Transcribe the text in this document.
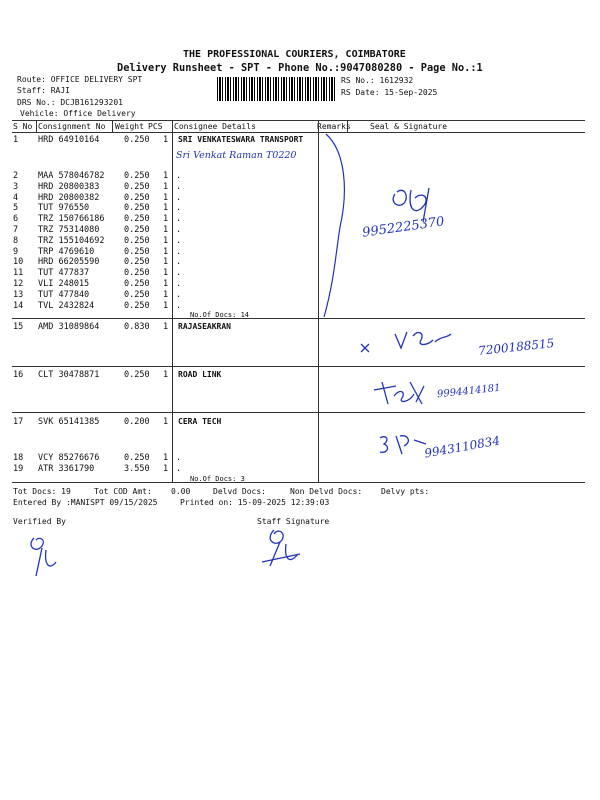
THE PROFESSIONAL COURIERS, COIMBATORE
Delivery Runsheet - SPT - Phone No.:9047080280 - Page No.:1
Route: OFFICE DELIVERY SPT
Staff: RAJI
DRS No.: DCJB161293201
Vehicle: Office Delivery
RS No.: 1612932
RS Date: 15-Sep-2025
S No Consignment No Weight PCS Consignee Details	Remarks Seal & Signature
1 HRD 64910164	0.250 1 SRI VENKATESWARA TRANSPORT
Sri Venkat Raman T0220
2 MAA 578046782 0.250 1 .
3 HRD 20800383	0.250 1 .
4 HRD 20800382	0.250 1 .
5 TUT 976550	0.250 1 .
6 TRZ 150766186 0.250 1 .
7 TRZ 75314080	0.250 1 .
8 TRZ 155104692 0.250 1 .
9 TRP 4769610	0.250 1 .
10 HRD 66205590	0.250 1 .
11 TUT 477837	0.250 1 .
12 VLI 248015	0.250 1 .
13 TUT 477840	0.250 1 .
14 TVL 2432824	0.250 1 .
No.Of Docs: 14
9952225370
15 AMD 31089864	0.830 1 RAJASEAKRAN
7200188515
16 CLT 30478871	0.250 1 ROAD LINK
9994414181
17 SVK 65141385	0.200 1 CERA TECH
9943110834
18 VCY 85276676	0.250 1 .
19 ATR 3361790	3.550 1 .
No.Of Docs: 3
Tot Docs: 19	Tot COD Amt: 0.00	Delvd Docs:	Non Delvd Docs: Delvy pts:
Entered By :MANISPT 09/15/2025	Printed on: 15-09-2025 12:39:03
Verified By	Staff Signature
